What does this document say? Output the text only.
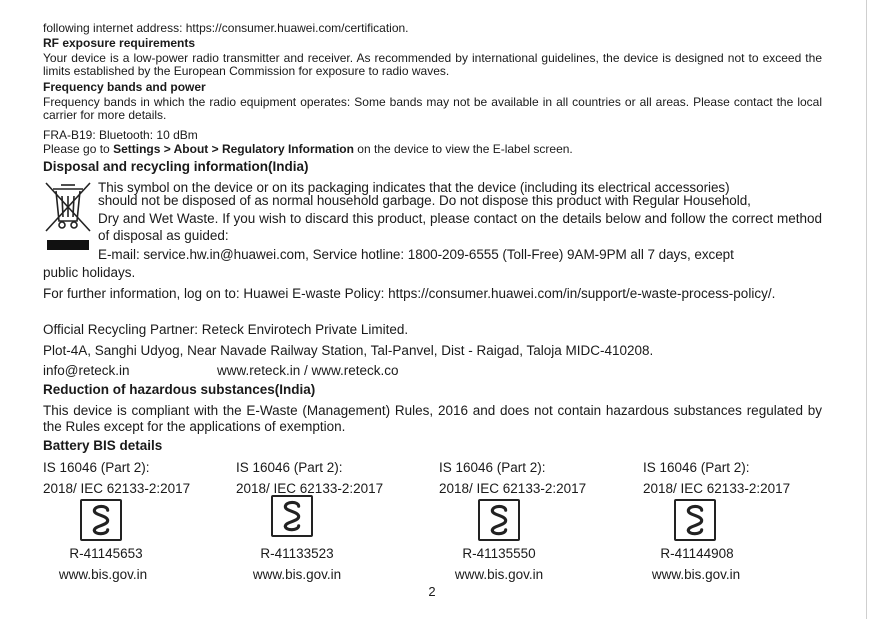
following internet address: https://consumer.huawei.com/certification.

RF exposure requirements

Your device is a low-power radio transmitter and receiver. As recommended by international guidelines, the device is designed not to exceed the limits established by the European Commission for exposure to radio waves.

Frequency bands and power

Frequency bands in which the radio equipment operates: Some bands may not be available in all countries or all areas. Please contact the local carrier for more details.

FRA-B19: Bluetooth: 10 dBm

Please go to Settings > About > Regulatory Information on the device to view the E-label screen.

Disposal and recycling information(India)

This symbol on the device or on its packaging indicates that the device (including its electrical accessories)

should not be disposed of as normal household garbage. Do not dispose this product with Regular Household,

Dry and Wet Waste. If you wish to discard this product, please contact on the details below and follow the correct method of disposal as guided:

E-mail: service.hw.in@huawei.com, Service hotline: 1800-209-6555 (Toll-Free) 9AM-9PM all 7 days, except

public holidays.

For further information, log on to: Huawei E-waste Policy: https://consumer.huawei.com/in/support/e-waste-process-policy/.

Official Recycling Partner: Reteck Envirotech Private Limited.

Plot-4A, Sanghi Udyog, Near Navade Railway Station, Tal-Panvel, Dist - Raigad, Taloja MIDC-410208.

info@reteck.in	www.reteck.in / www.reteck.co

Reduction of hazardous substances(India)

This device is compliant with the E-Waste (Management) Rules, 2016 and does not contain hazardous substances regulated by the Rules except for the applications of exemption.

Battery BIS details

IS 16046 (Part 2):
2018/ IEC 62133-2:2017
R-41145653
www.bis.gov.in
IS 16046 (Part 2):
2018/ IEC 62133-2:2017
R-41133523
www.bis.gov.in
IS 16046 (Part 2):
2018/ IEC 62133-2:2017
R-41135550
www.bis.gov.in
IS 16046 (Part 2):
2018/ IEC 62133-2:2017
R-41144908
www.bis.gov.in
2
